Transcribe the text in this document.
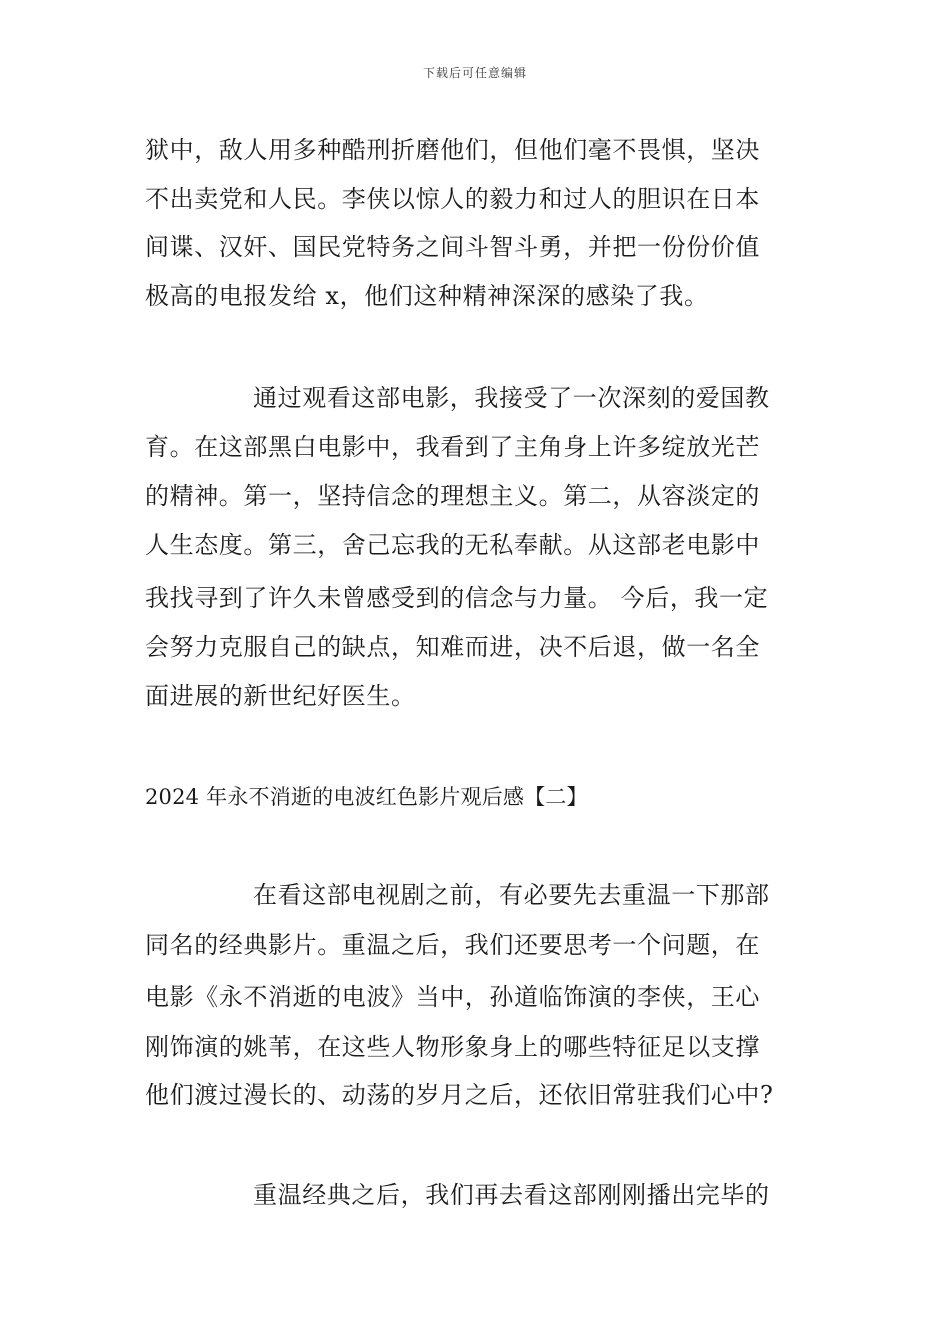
下载后可任意编辑
狱中，敌人用多种酷刑折磨他们，但他们毫不畏惧，坚决
不出卖党和人民。李侠以惊人的毅力和过人的胆识在日本
间谍、汉奸、国民党特务之间斗智斗勇，并把一份份价值
极高的电报发给 x，他们这种精神深深的感染了我。
通过观看这部电影，我接受了一次深刻的爱国教
育。在这部黑白电影中，我看到了主角身上许多绽放光芒
的精神。第一，坚持信念的理想主义。第二，从容淡定的
人生态度。第三，舍己忘我的无私奉献。从这部老电影中
我找寻到了许久未曾感受到的信念与力量。 今后，我一定
会努力克服自己的缺点，知难而进，决不后退，做一名全
面进展的新世纪好医生。
2024 年永不消逝的电波红色影片观后感【二】
在看这部电视剧之前，有必要先去重温一下那部
同名的经典影片。重温之后，我们还要思考一个问题，在
电影《永不消逝的电波》当中，孙道临饰演的李侠，王心
刚饰演的姚苇，在这些人物形象身上的哪些特征足以支撑
他们渡过漫长的、动荡的岁月之后，还依旧常驻我们心中?
重温经典之后，我们再去看这部刚刚播出完毕的
